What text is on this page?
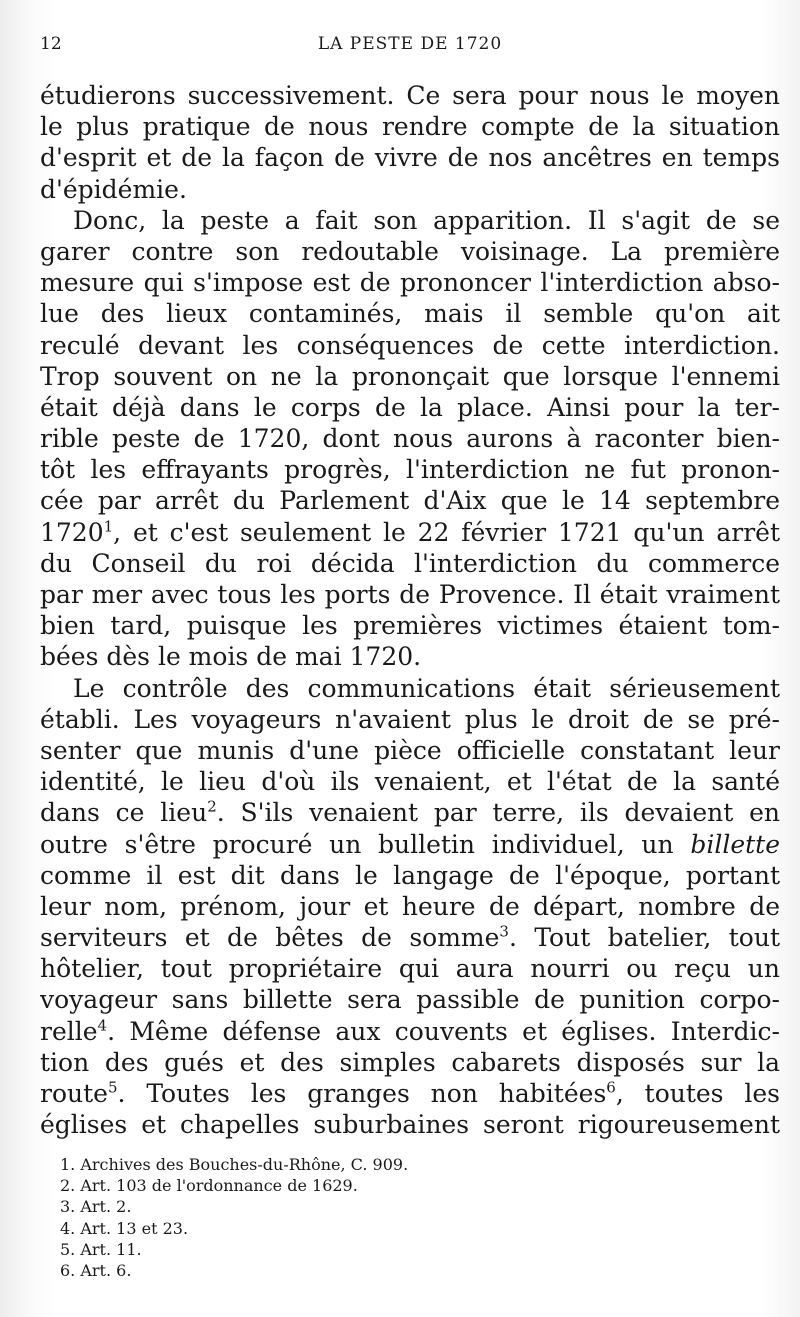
12	LA PESTE DE 1720
étudierons successivement. Ce sera pour nous le moyen
le plus pratique de nous rendre compte de la situation
d'esprit et de la façon de vivre de nos ancêtres en temps
d'épidémie.
Donc, la peste a fait son apparition. Il s'agit de se
garer contre son redoutable voisinage. La première
mesure qui s'impose est de prononcer l'interdiction abso-
lue des lieux contaminés, mais il semble qu'on ait
reculé devant les conséquences de cette interdiction.
Trop souvent on ne la prononçait que lorsque l'ennemi
était déjà dans le corps de la place. Ainsi pour la ter-
rible peste de 1720, dont nous aurons à raconter bien-
tôt les effrayants progrès, l'interdiction ne fut pronon-
cée par arrêt du Parlement d'Aix que le 14 septembre
1720$^1$, et c'est seulement le 22 février 1721 qu'un arrêt
du Conseil du roi décida l'interdiction du commerce
par mer avec tous les ports de Provence. Il était vraiment
bien tard, puisque les premières victimes étaient tom-
bées dès le mois de mai 1720.
Le contrôle des communications était sérieusement
établi. Les voyageurs n'avaient plus le droit de se pré-
senter que munis d'une pièce officielle constatant leur
identité, le lieu d'où ils venaient, et l'état de la santé
dans ce lieu$^2$. S'ils venaient par terre, ils devaient en
outre s'être procuré un bulletin individuel, un billette
comme il est dit dans le langage de l'époque, portant
leur nom, prénom, jour et heure de départ, nombre de
serviteurs et de bêtes de somme$^3$. Tout batelier, tout
hôtelier, tout propriétaire qui aura nourri ou reçu un
voyageur sans billette sera passible de punition corpo-
relle$^4$. Même défense aux couvents et églises. Interdic-
tion des gués et des simples cabarets disposés sur la
route$^5$. Toutes les granges non habitées$^6$, toutes les
églises et chapelles suburbaines seront rigoureusement
1. Archives des Bouches-du-Rhône, C. 909.
2. Art. 103 de l'ordonnance de 1629.
3. Art. 2.
4. Art. 13 et 23.
5. Art. 11.
6. Art. 6.
